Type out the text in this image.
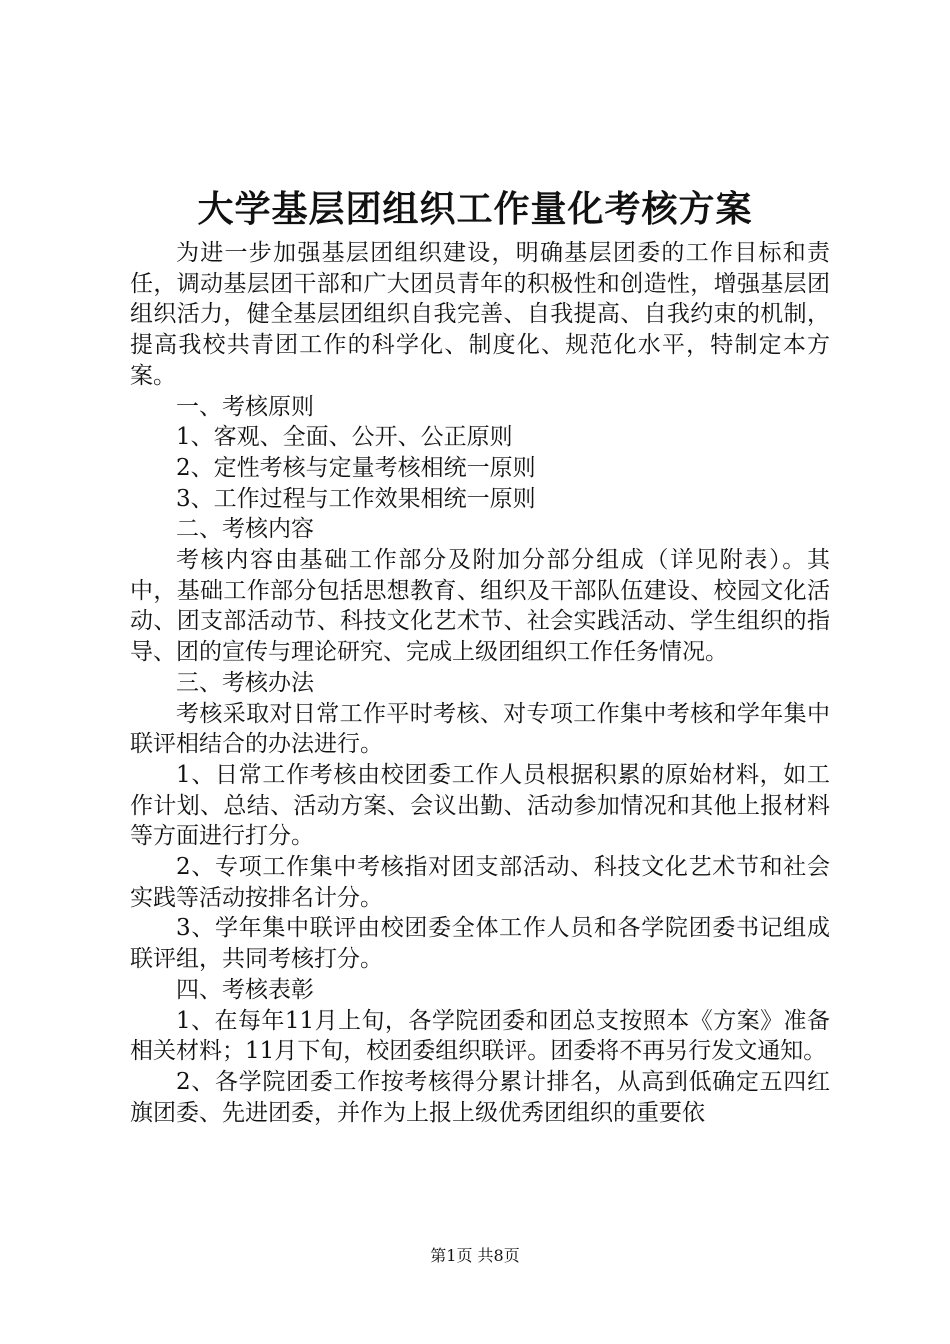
大学基层团组织工作量化考核方案

为进一步加强基层团组织建设，明确基层团委的工作目标和责任，调动基层团干部和广大团员青年的积极性和创造性，增强基层团组织活力，健全基层团组织自我完善、自我提高、自我约束的机制，提高我校共青团工作的科学化、制度化、规范化水平，特制定本方案。

一、考核原则

1、客观、全面、公开、公正原则

2、定性考核与定量考核相统一原则

3、工作过程与工作效果相统一原则

二、考核内容

考核内容由基础工作部分及附加分部分组成（详见附表）。其中，基础工作部分包括思想教育、组织及干部队伍建设、校园文化活动、团支部活动节、科技文化艺术节、社会实践活动、学生组织的指导、团的宣传与理论研究、完成上级团组织工作任务情况。

三、考核办法

考核采取对日常工作平时考核、对专项工作集中考核和学年集中联评相结合的办法进行。

1、日常工作考核由校团委工作人员根据积累的原始材料，如工作计划、总结、活动方案、会议出勤、活动参加情况和其他上报材料等方面进行打分。

2、专项工作集中考核指对团支部活动、科技文化艺术节和社会实践等活动按排名计分。

3、学年集中联评由校团委全体工作人员和各学院团委书记组成联评组，共同考核打分。

四、考核表彰

1、在每年11月上旬，各学院团委和团总支按照本《方案》准备相关材料；11月下旬，校团委组织联评。团委将不再另行发文通知。

2、各学院团委工作按考核得分累计排名，从高到低确定五四红旗团委、先进团委，并作为上报上级优秀团组织的重要依

第1页 共8页
